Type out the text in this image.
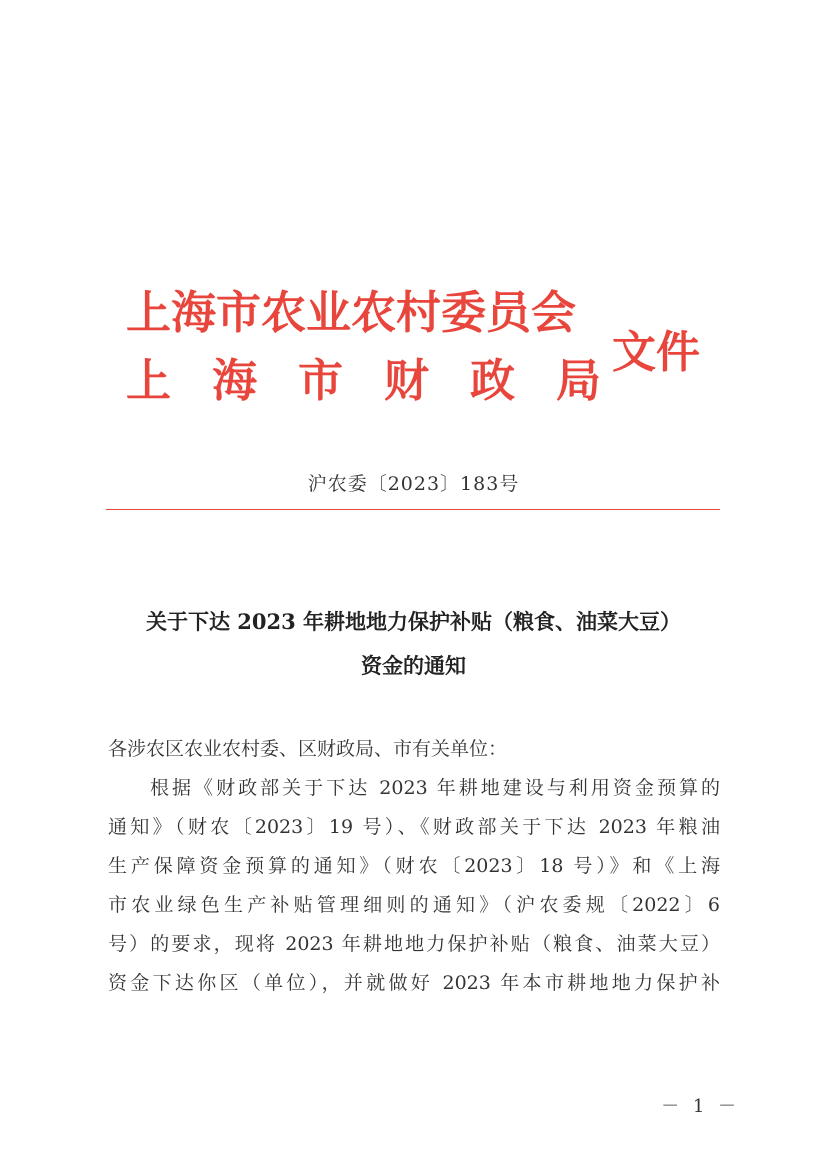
上海市农业农村委员会
上海市财政局
文件
沪农委〔2023〕183号
关于下达 2023 年耕地地力保护补贴（粮食、油菜大豆）
资金的通知
各涉农区农业农村委、区财政局、市有关单位：
根据《财政部关于下达 2023 年耕地建设与利用资金预算的
通知》（财农〔2023〕19 号）、《财政部关于下达 2023 年粮油
生产保障资金预算的通知》（财农〔2023〕18 号）》和《上海
市农业绿色生产补贴管理细则的通知》（沪农委规〔2022〕6
号）的要求，现将 2023 年耕地地力保护补贴（粮食、油菜大豆）
资金下达你区（单位），并就做好 2023 年本市耕地地力保护补
－ 1 －
